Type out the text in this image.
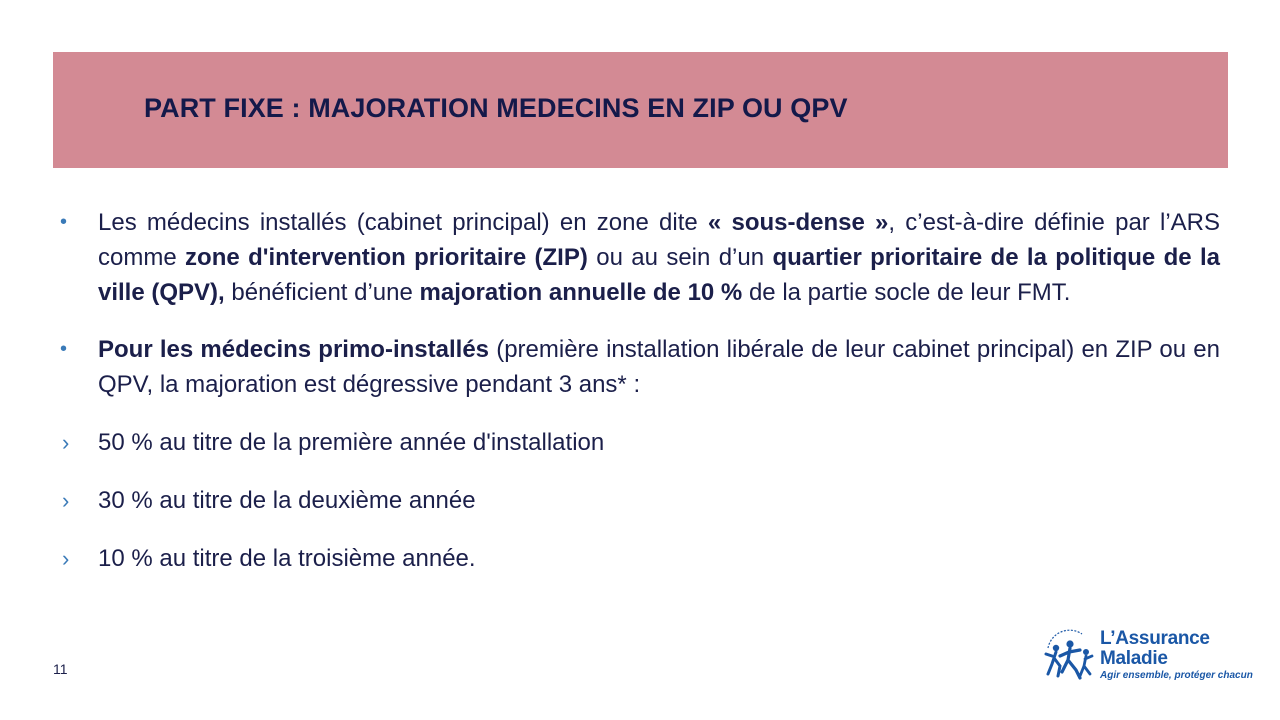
PART FIXE : MAJORATION MEDECINS EN ZIP OU QPV
• Les médecins installés (cabinet principal) en zone dite « sous-dense », c’est-à-dire définie par l’ARS comme zone d'intervention prioritaire (ZIP) ou au sein d’un quartier prioritaire de la politique de la ville (QPV), bénéficient d’une majoration annuelle de 10 % de la partie socle de leur FMT.
• Pour les médecins primo-installés (première installation libérale de leur cabinet principal) en ZIP ou en QPV, la majoration est dégressive pendant 3 ans* :
› 50 % au titre de la première année d'installation
› 30 % au titre de la deuxième année
› 10 % au titre de la troisième année.
11
L’Assurance
Maladie
Agir ensemble, protéger chacun
